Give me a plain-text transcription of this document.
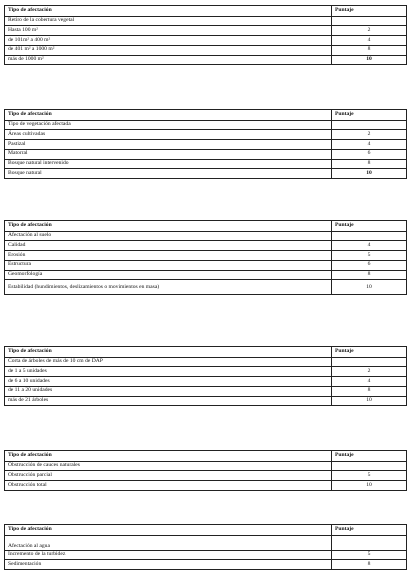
Tipo de afectación	Puntaje
Retiro de la cobertura vegetal	
Hasta 100 m²	2
de 101m² a 400 m²	4
de 401 m² a 1000 m²	8
más de 1000 m²	10
Tipo de afectación	Puntaje
Tipo de vegetación afectada	
Áreas cultivadas	2
Pastizal	4
Matorral	6
Bosque natural intervenido	8
Bosque natural	10
Tipo de afectación	Puntaje
Afectación al suelo	
Calidad	4
Erosión	5
Estructura	6
Geomorfología	8
Estabilidad (hundimientos, deslizamientos o movimientos en masa)	10
Tipo de afectación	Puntaje
Corta de árboles de más de 10 cm de DAP	
de 1 a 5 unidades	2
de 6 a 10 unidades	4
de 11 a 20 unidades	8
más de 21 árboles	10
Tipo de afectación	Puntaje
Obstrucción de cauces naturales	
Obstrucción parcial	5
Obstrucción total	10
Tipo de afectación	Puntaje
Afectación al agua	
Incremento de la turbidez	5
Sedimentación	8
